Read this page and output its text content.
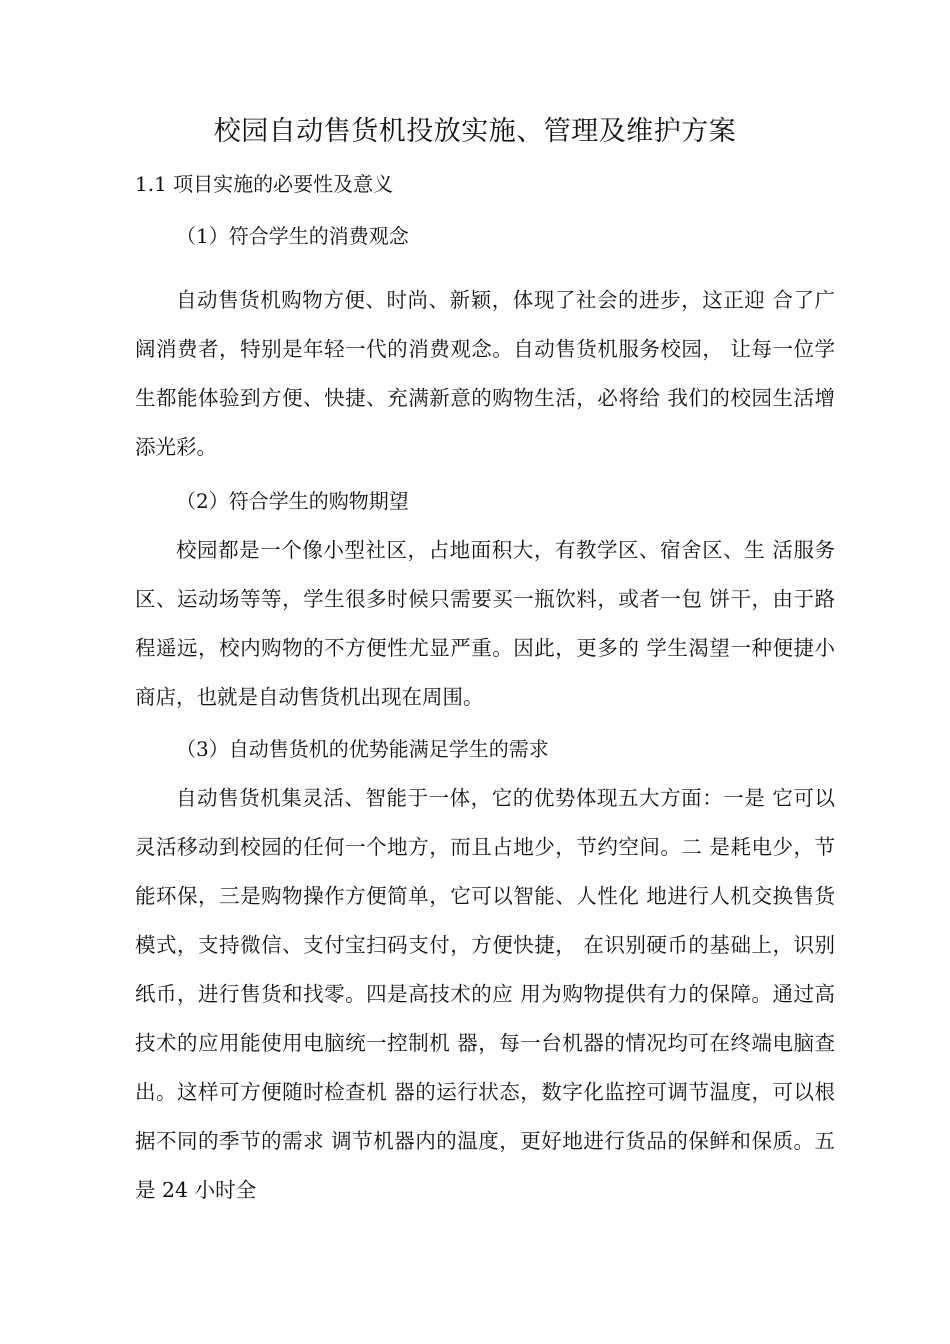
校园自动售货机投放实施、管理及维护方案
1.1 项目实施的必要性及意义
（1）符合学生的消费观念
自动售货机购物方便、时尚、新颖，体现了社会的进步，这正迎 合了广
阔消费者，特别是年轻一代的消费观念。自动售货机服务校园， 让每一位学
生都能体验到方便、快捷、充满新意的购物生活，必将给 我们的校园生活增
添光彩。
（2）符合学生的购物期望
校园都是一个像小型社区，占地面积大，有教学区、宿舍区、生 活服务
区、运动场等等，学生很多时候只需要买一瓶饮料，或者一包 饼干，由于路
程遥远，校内购物的不方便性尤显严重。因此，更多的 学生渴望一种便捷小
商店，也就是自动售货机出现在周围。
（3）自动售货机的优势能满足学生的需求
自动售货机集灵活、智能于一体，它的优势体现五大方面：一是 它可以
灵活移动到校园的任何一个地方，而且占地少，节约空间。二 是耗电少，节
能环保，三是购物操作方便简单，它可以智能、人性化 地进行人机交换售货
模式，支持微信、支付宝扫码支付，方便快捷， 在识别硬币的基础上，识别
纸币，进行售货和找零。四是高技术的应 用为购物提供有力的保障。通过高
技术的应用能使用电脑统一控制机 器，每一台机器的情况均可在终端电脑查
出。这样可方便随时检查机 器的运行状态，数字化监控可调节温度，可以根
据不同的季节的需求 调节机器内的温度，更好地进行货品的保鲜和保质。五
是 24 小时全
